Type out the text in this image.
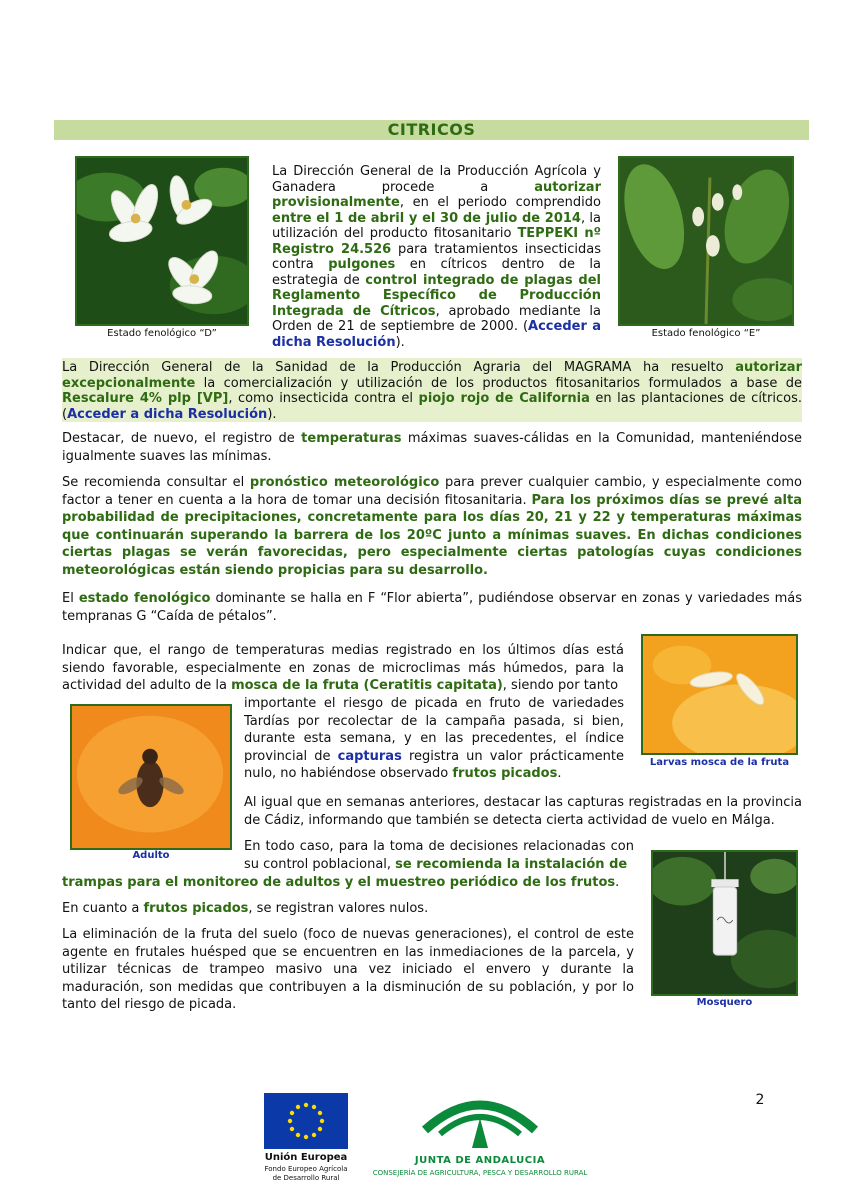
CITRICOS
Estado fenológico “D”	Estado fenológico “E”
La Dirección General de la Producción Agrícola y Ganadera procede a autorizar provisionalmente, en el periodo comprendido entre el 1 de abril y el 30 de julio de 2014, la utilización del producto fitosanitario TEPPEKI nº Registro 24.526 para tratamientos insecticidas contra pulgones en cítricos dentro de la estrategia de control integrado de plagas del Reglamento Específico de Producción Integrada de Cítricos, aprobado mediante la Orden de 21 de septiembre de 2000. (Acceder a dicha Resolución).
La Dirección General de la Sanidad de la Producción Agraria del MAGRAMA ha resuelto autorizar excepcionalmente la comercialización y utilización de los productos fitosanitarios formulados a base de Rescalure 4% plp [VP], como insecticida contra el piojo rojo de California en las plantaciones de cítricos. (Acceder a dicha Resolución).
Destacar, de nuevo, el registro de temperaturas máximas suaves-cálidas en la Comunidad, manteniéndose igualmente suaves las mínimas.
Se recomienda consultar el pronóstico meteorológico para prever cualquier cambio, y especialmente como factor a tener en cuenta a la hora de tomar una decisión fitosanitaria. Para los próximos días se prevé alta probabilidad de precipitaciones, concretamente para los días 20, 21 y 22 y temperaturas máximas que continuarán superando la barrera de los 20ºC junto a mínimas suaves. En dichas condiciones ciertas plagas se verán favorecidas, pero especialmente ciertas patologías cuyas condiciones meteorológicas están siendo propicias para su desarrollo.
El estado fenológico dominante se halla en F “Flor abierta”, pudiéndose observar en zonas y variedades más tempranas G “Caída de pétalos”.
Larvas mosca de la fruta
Adulto
Indicar que, el rango de temperaturas medias registrado en los últimos días está siendo favorable, especialmente en zonas de microclimas más húmedos, para la actividad del adulto de la mosca de la fruta (Ceratitis capitata), siendo por tanto
importante el riesgo de picada en fruto de variedades Tardías por recolectar de la campaña pasada, si bien, durante esta semana, y en las precedentes, el índice provincial de capturas registra un valor prácticamente nulo, no habiéndose observado frutos picados.
Al igual que en semanas anteriores, destacar las capturas registradas en la provincia de Cádiz, informando que también se detecta cierta actividad de vuelo en Málga.
En todo caso, para la toma de decisiones relacionadas con su control poblacional, se recomienda la instalación de
trampas para el monitoreo de adultos y el muestreo periódico de los frutos.
En cuanto a frutos picados, se registran valores nulos.
La eliminación de la fruta del suelo (foco de nuevas generaciones), el control de este agente en frutales huésped que se encuentren en las inmediaciones de la parcela, y utilizar técnicas de trampeo masivo una vez iniciado el envero y durante la maduración, son medidas que contribuyen a la disminución de su población, y por lo tanto del riesgo de picada.	Mosquero
Unión Europea
Fondo Europeo Agrícola
de Desarrollo Rural
JUNTA DE ANDALUCIA
CONSEJERÍA DE AGRICULTURA, PESCA Y DESARROLLO RURAL
2
